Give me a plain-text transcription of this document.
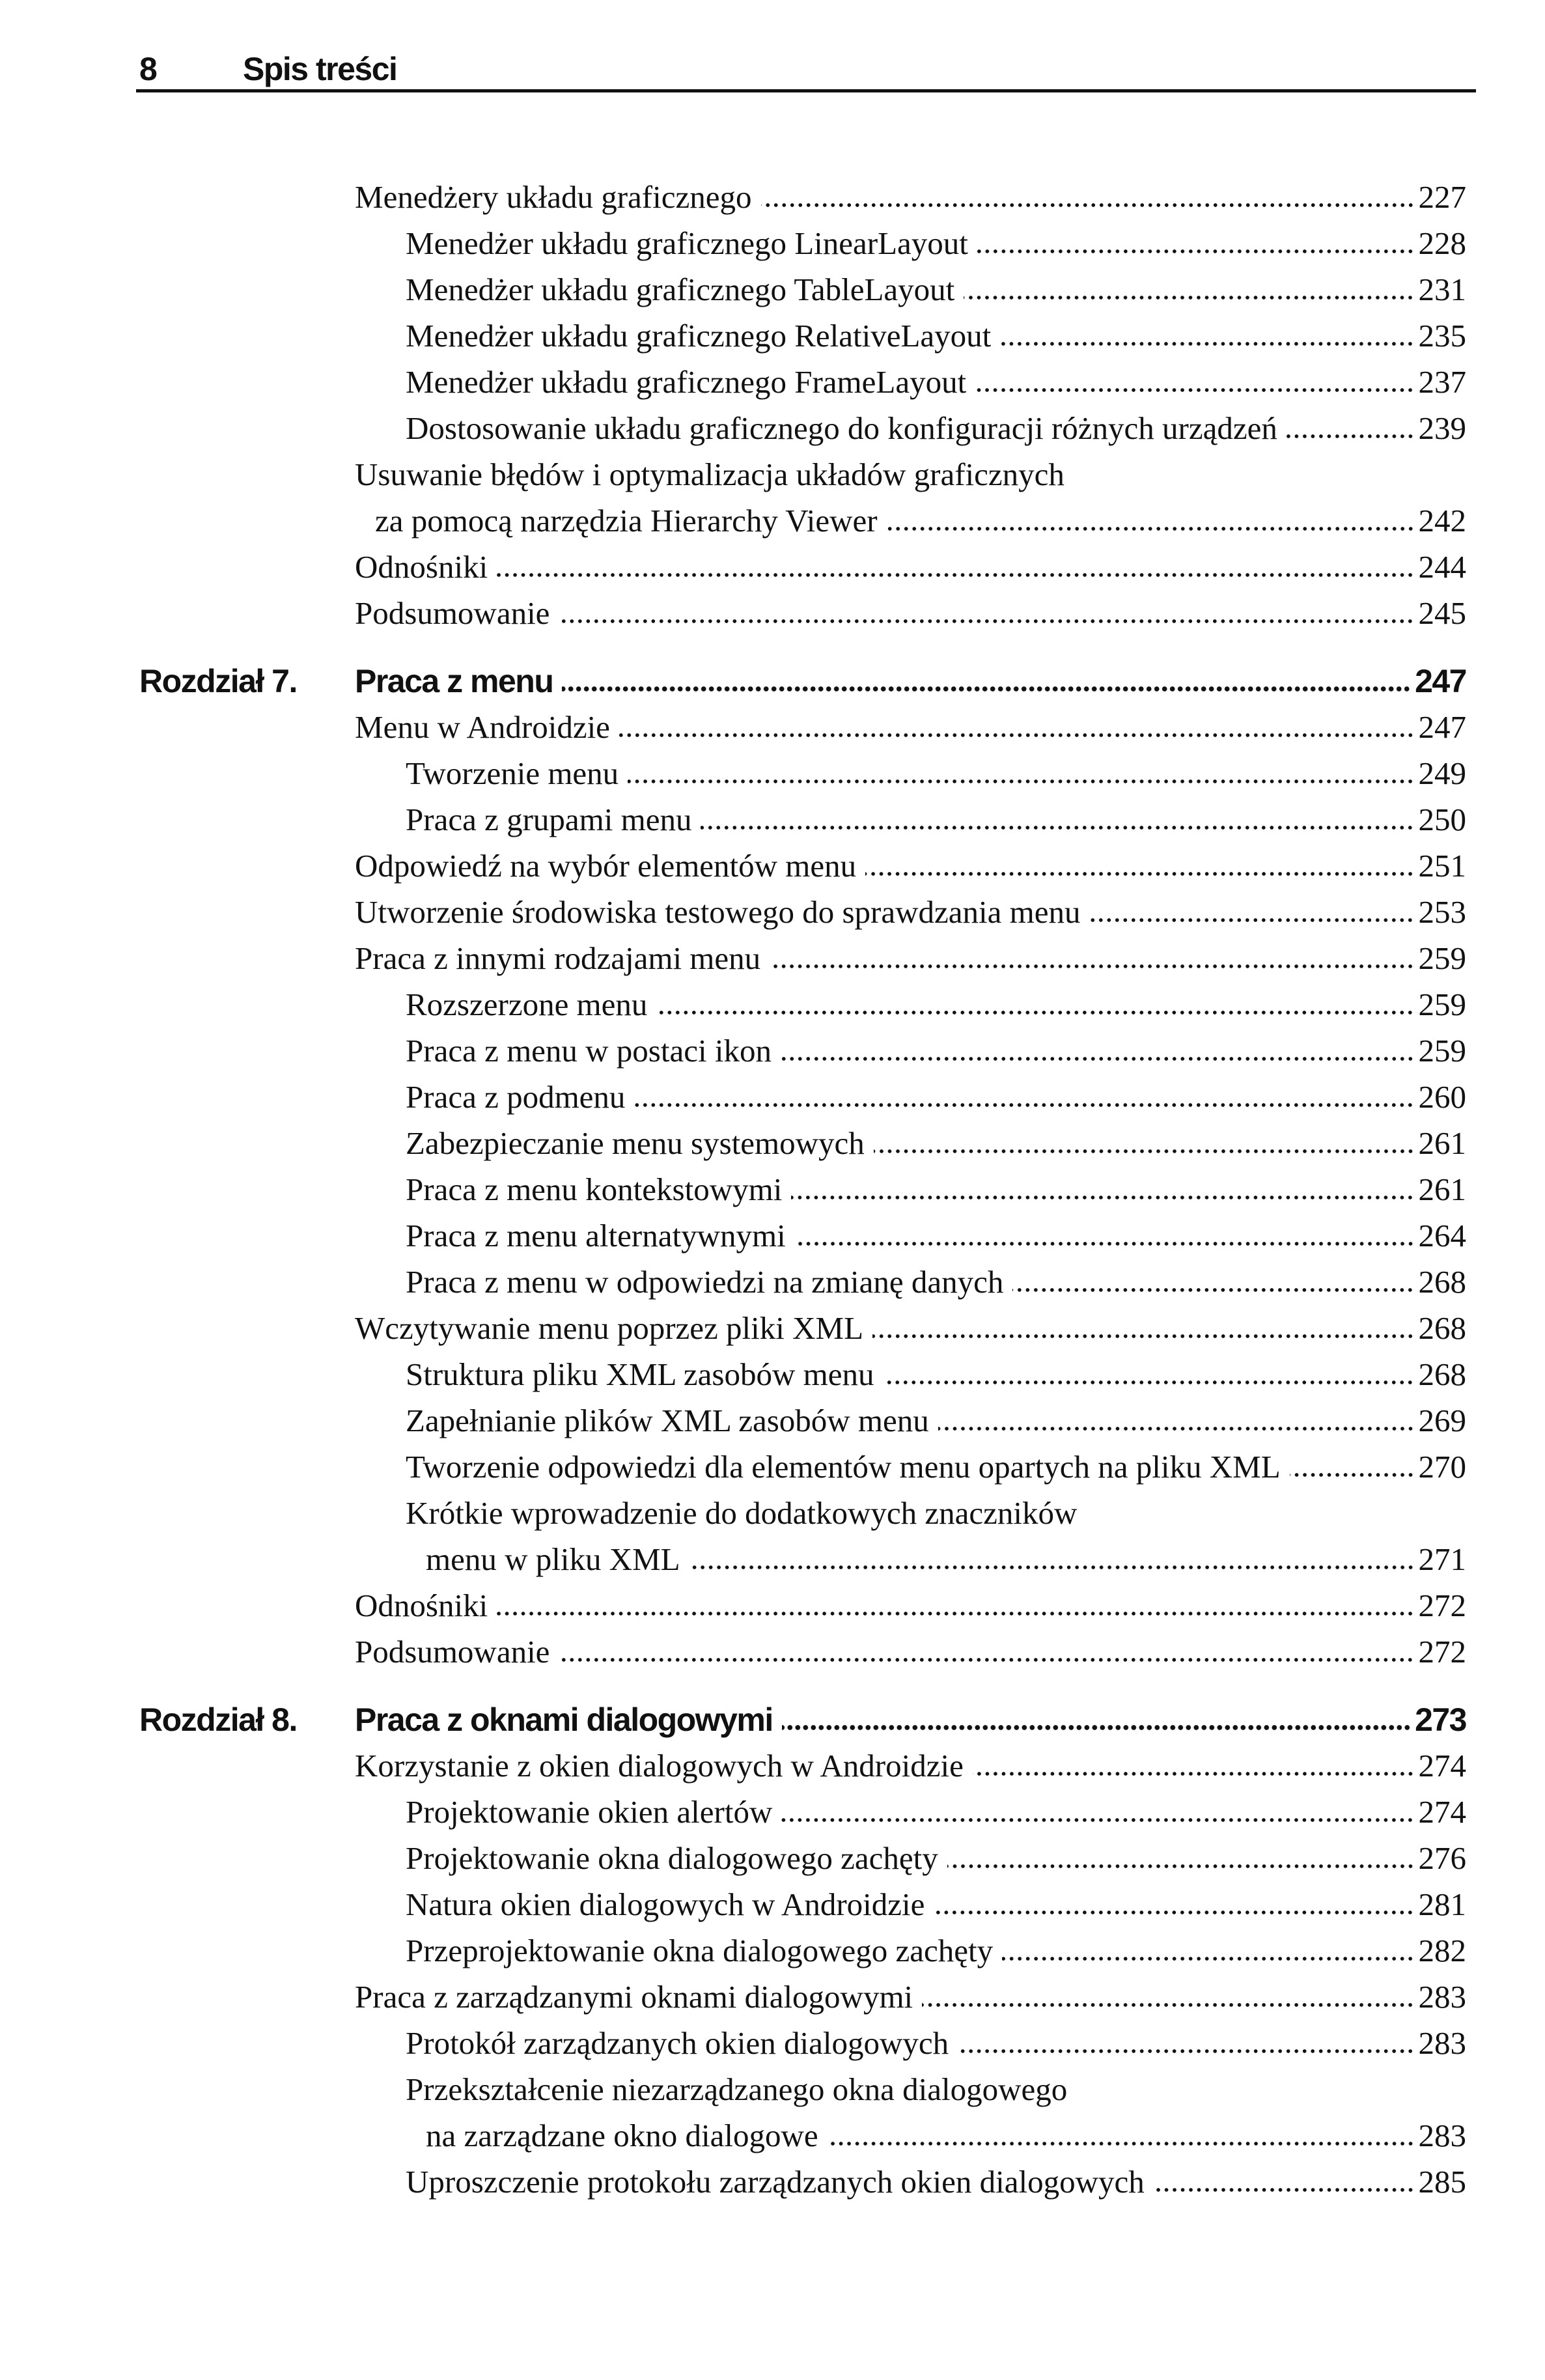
8	Spis treści
Menedżery układu graficznego	227
Menedżer układu graficznego LinearLayout	228
Menedżer układu graficznego TableLayout	231
Menedżer układu graficznego RelativeLayout	235
Menedżer układu graficznego FrameLayout	237
Dostosowanie układu graficznego do konfiguracji różnych urządzeń	239
Usuwanie błędów i optymalizacja układów graficznych
za pomocą narzędzia Hierarchy Viewer	242
Odnośniki	244
Podsumowanie	245
Rozdział 7. Praca z menu	247
Menu w Androidzie	247
Tworzenie menu	249
Praca z grupami menu	250
Odpowiedź na wybór elementów menu	251
Utworzenie środowiska testowego do sprawdzania menu	253
Praca z innymi rodzajami menu	259
Rozszerzone menu	259
Praca z menu w postaci ikon	259
Praca z podmenu	260
Zabezpieczanie menu systemowych	261
Praca z menu kontekstowymi	261
Praca z menu alternatywnymi	264
Praca z menu w odpowiedzi na zmianę danych	268
Wczytywanie menu poprzez pliki XML	268
Struktura pliku XML zasobów menu	268
Zapełnianie plików XML zasobów menu	269
Tworzenie odpowiedzi dla elementów menu opartych na pliku XML	270
Krótkie wprowadzenie do dodatkowych znaczników
menu w pliku XML	271
Odnośniki	272
Podsumowanie	272
Rozdział 8. Praca z oknami dialogowymi	273
Korzystanie z okien dialogowych w Androidzie	274
Projektowanie okien alertów	274
Projektowanie okna dialogowego zachęty	276
Natura okien dialogowych w Androidzie	281
Przeprojektowanie okna dialogowego zachęty	282
Praca z zarządzanymi oknami dialogowymi	283
Protokół zarządzanych okien dialogowych	283
Przekształcenie niezarządzanego okna dialogowego
na zarządzane okno dialogowe	283
Uproszczenie protokołu zarządzanych okien dialogowych	285
